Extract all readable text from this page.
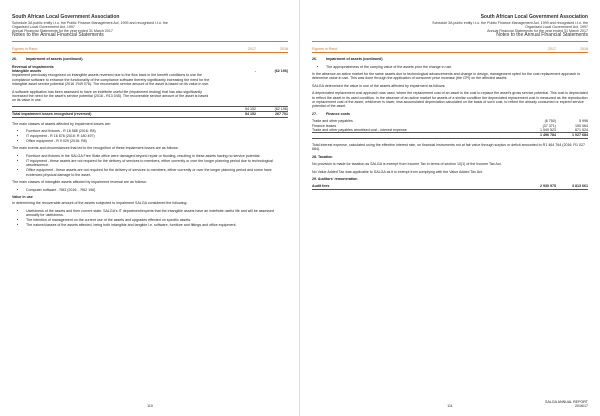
South African Local Government Association
Schedule 3A public entity i.t.o. the Public Finance Management Act, 1999 and recognised i.t.o. the
Organised Local Government Act, 1997
Annual Financial Statements for the year ended 31 March 2017
Notes to the Annual Financial Statements
Figures in Rand	2017	2016
26.	Impairment of assets (continued)
Reversal of impairments
Intangible assets	-	(62 196)

Impairment previously recognised on intangible assets reversed due to the flow back in the benefit conditions to use the compliance software to enhance the functionality of the compliance software thereby significantly increasing the need for the intangible asset service potential (2016 -R49 076). The recoverable service amount of the asset is based on its value in use.

A software application has been assessed to have an indefinite useful life (impairment testing) that has also significantly increased the need for the asset's service potential (2016 - R13 045). The recoverable service amount of the asset is based on its value in use.

54 152	(62 196)
Total impairment losses recognised (reversed)	54 152	267 701

The main classes of assets affected by impairment losses are:

• Furniture and fixtures - R 18 588 (2016: R8)
• IT equipment - R 16 878 (2016: R 180 497)
• Office equipment - R 9 029 (2016: R8)

The main events and circumstances that led to the recognition of these impairment losses are as follows:

• Furniture and fixtures in the SALGA Free State office were damaged beyond repair or flooding, resulting in these assets having no service potential.
• IT equipment - these assets are not required for the delivery of services to members, either currently or over the longer planning period due to technological obsolescence.
• Office equipment - these assets are not required for the delivery of services to members, either currently or over the longer planning period and some have evidenced physical damage to the asset.

The main classes of intangible assets affected by impairment reversal are as follows:

• Computer software - R83 (2016: - R62 196)
Value in use

In determining the recoverable amount of the assets subjected to impairment SALGA considered the following:

• Usefulness of the assets and their current state. SALGA's IT department/experts that the intangible assets have an indefinite useful life and will be assessed annually for usefulness.
• The intention of management on the current use of the assets and upgrades effected on specific assets.
• The nature/classes of the assets affected, being both intangible and tangible i.e. software, furniture and fittings and office equipment.
110
South African Local Government Association
Schedule 3A public entity i.t.o. the Public Finance Management Act, 1999 and recognised i.t.o. the
Organised Local Government Act, 1997
Annual Financial Statements for the year ended 31 March 2017
Notes to the Annual Financial Statements
Figures in Rand	2017	2016
26.	Impairment of assets (continued)
• The appropriateness of the carrying value of the assets prior the change in use.

In the absence an active market for the same assets due to technological advancements and change in design, management opted for the cost replacement approach to determine value in use. This was done through the application of consumer price increase (the CPI) on the affected assets.

SALGA determined the value in use of the assets affected by impairment as follows:

A depreciated replacement cost approach was used, where the replacement cost of an asset is the cost to replace the asset's gross service potential. This cost is depreciated to reflect the asset in its used condition. In the absence of an active market for assets of a similar condition the depreciated replacement cost is measured as the reproduction or replacement cost of the asset, whichever is lower, less accumulated depreciation calculated on the basis of such cost, to reflect the already consumed or expired service potential of the asset.

27.	Finance costs
Trade and other payables	(6 750)	5 996
Finance leases	(37 371)	150 064
Trade and other payables amortised cost - interest expense	1 540 523	871 524
1 496 784	1 027 684

Total interest expense, calculated using the effective interest rate, on financial instruments not at fair value through surplus or deficit amounted to R1 464 764 (2016: R1 027 684).

28. Taxation

No provision is made for taxation as SALGA is exempt from Income Tax in terms of section 10(1) of the Income Tax Act.

No Value Added Tax was applicable to SALGA as it is exempt from complying with the Value Added Tax Act.

29. Auditors' remuneration
Audit fees	2 930 975	3 813 661
111
SALGA ANNUAL REPORT
2016/17
